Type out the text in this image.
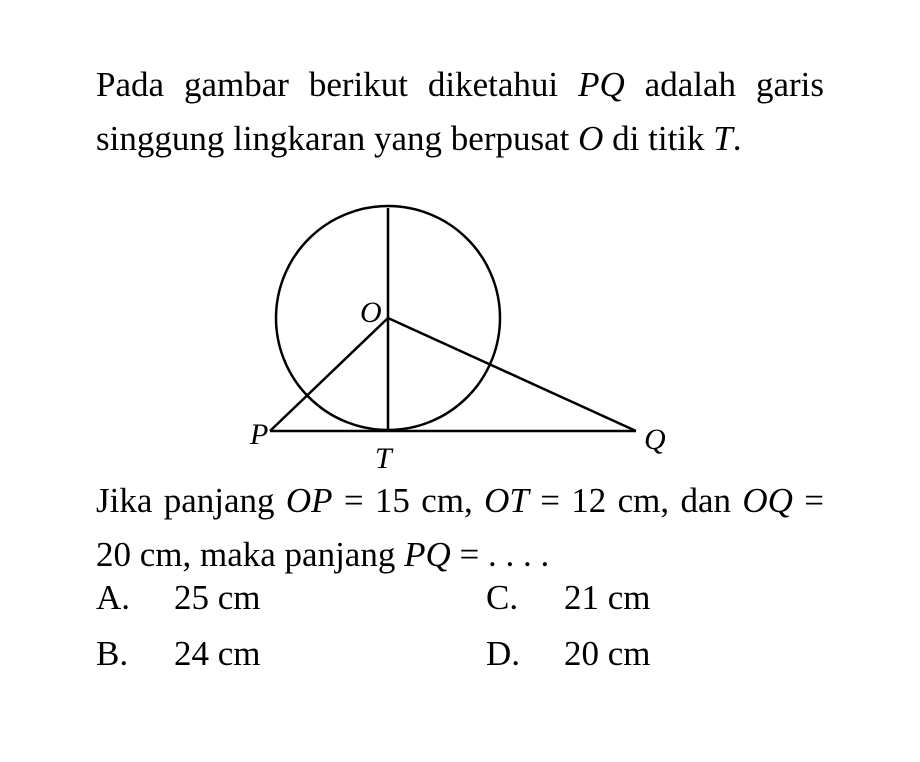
Pada gambar berikut diketahui PQ adalah garis singgung lingkaran yang berpusat O di titik T.

O
P
T
Q

Jika panjang OP = 15 cm, OT = 12 cm, dan OQ = 20 cm, maka panjang PQ = . . . .

A. 25 cm
B. 24 cm
C. 21 cm
D. 20 cm
